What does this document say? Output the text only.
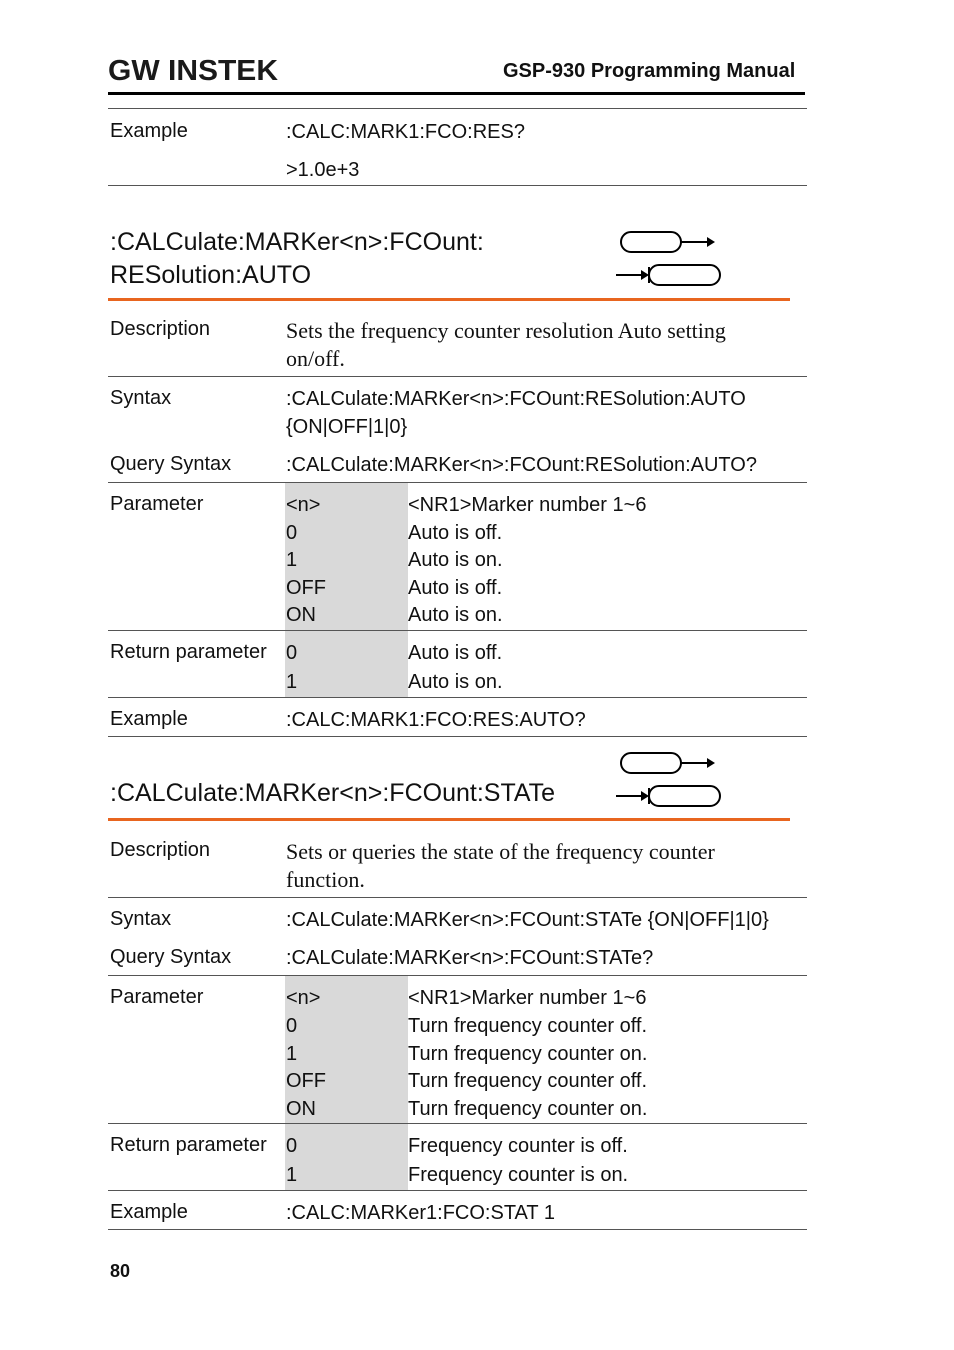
GW INSTEK	GSP-930 Programming Manual
Example	:CALC:MARK1:FCO:RES?
>1.0e+3
:CALCulate:MARKer<n>:FCOunt:
RESolution:AUTO
Description	Sets the frequency counter resolution Auto setting
on/off.
Syntax	:CALCulate:MARKer<n>:FCOunt:RESolution:AUTO
{ON|OFF|1|0}
Query Syntax	:CALCulate:MARKer<n>:FCOunt:RESolution:AUTO?
Parameter	<n>	<NR1>Marker number 1~6
0	Auto is off.
1	Auto is on.
OFF	Auto is off.
ON	Auto is on.
Return parameter 0	Auto is off.
1	Auto is on.
Example	:CALC:MARK1:FCO:RES:AUTO?
:CALCulate:MARKer<n>:FCOunt:STATe
Description	Sets or queries the state of the frequency counter
function.
Syntax	:CALCulate:MARKer<n>:FCOunt:STATe {ON|OFF|1|0}
Query Syntax	:CALCulate:MARKer<n>:FCOunt:STATe?
Parameter	<n>	<NR1>Marker number 1~6
0	Turn frequency counter off.
1	Turn frequency counter on.
OFF	Turn frequency counter off.
ON	Turn frequency counter on.
Return parameter 0	Frequency counter is off.
1	Frequency counter is on.
Example	:CALC:MARKer1:FCO:STAT 1
80
